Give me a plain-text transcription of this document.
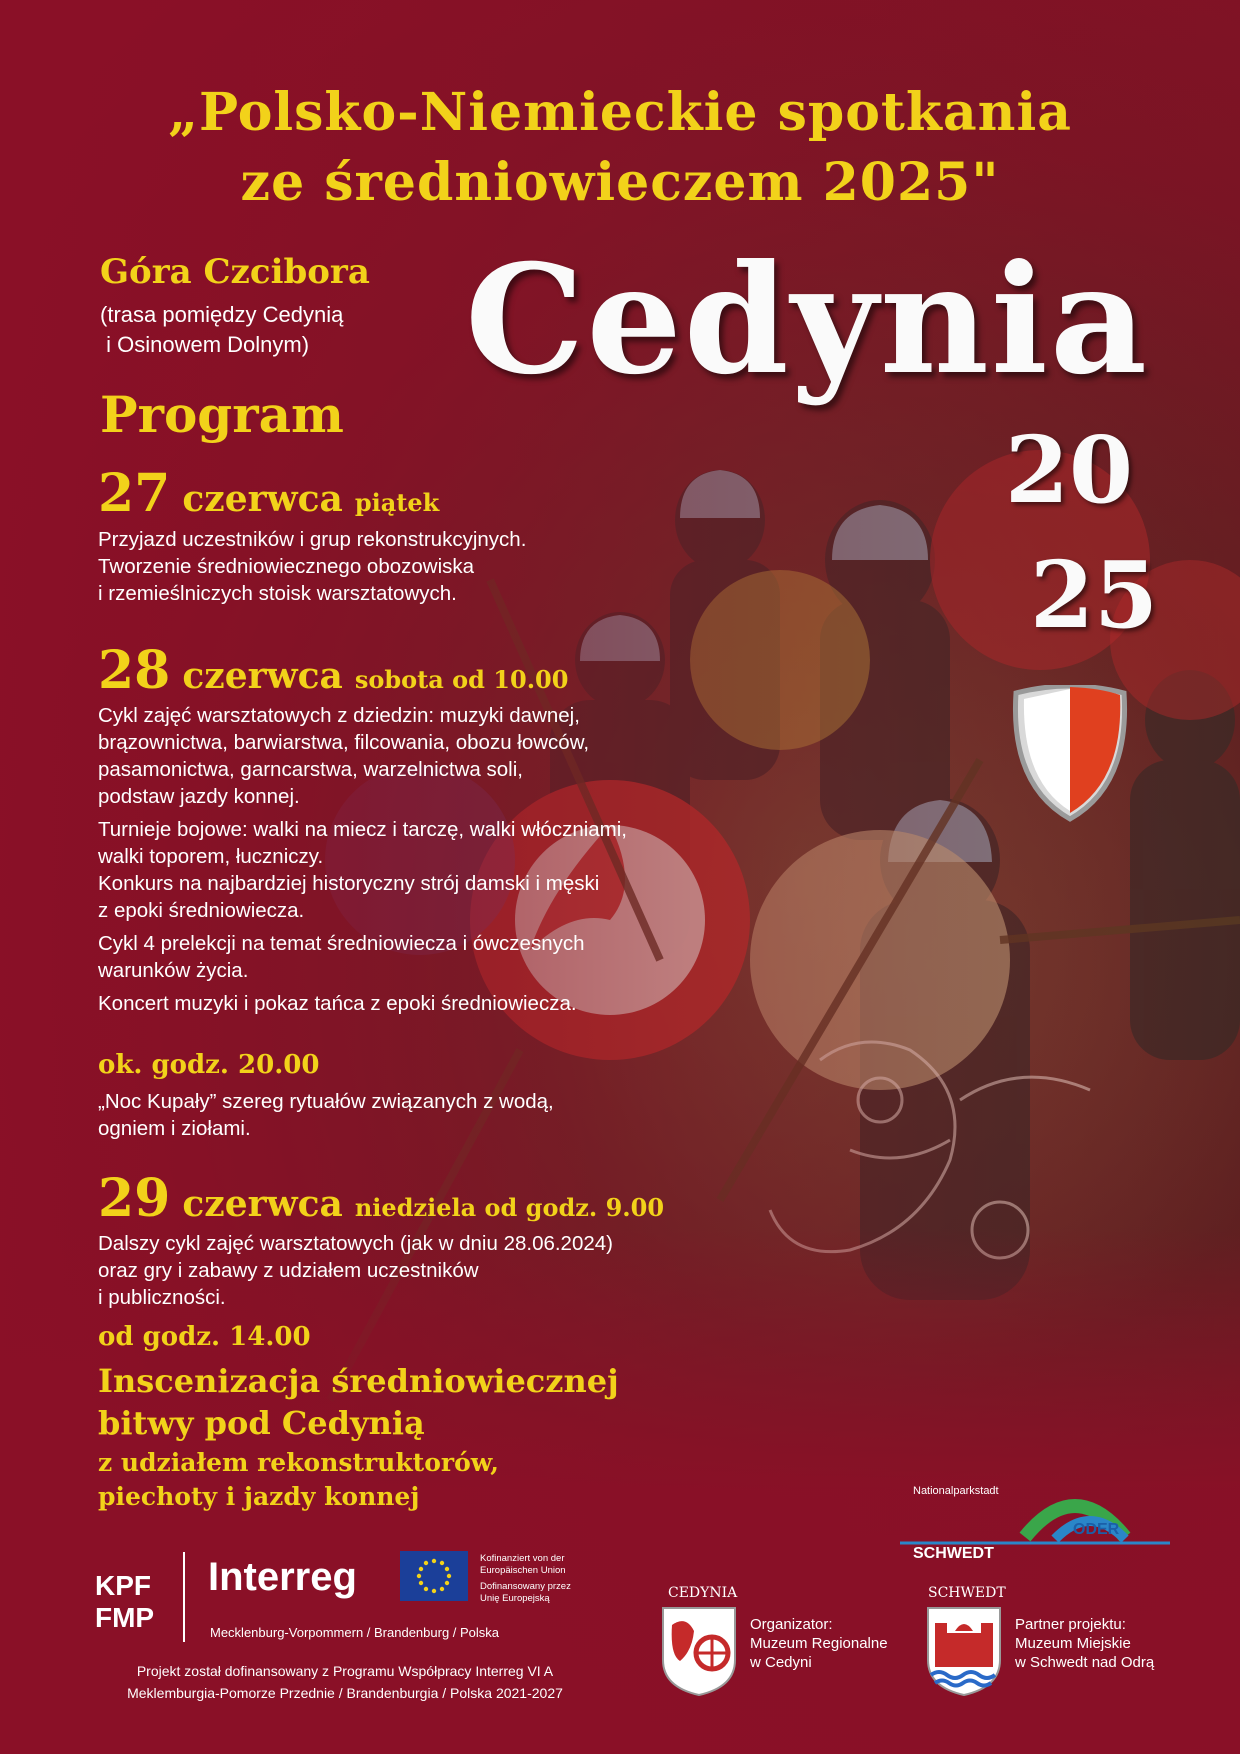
„Polsko-Niemieckie spotkania
ze średniowieczem 2025"
Cedynia
20
25
Góra Czcibora
(trasa pomiędzy Cedynią
i Osinowem Dolnym)
Program
27 czerwca piątek

Przyjazd uczestników i grup rekonstrukcyjnych.

Tworzenie średniowiecznego obozowiska

i rzemieślniczych stoisk warsztatowych.

28 czerwca sobota od 10.00

Cykl zajęć warsztatowych z dziedzin: muzyki dawnej,

brązownictwa, barwiarstwa, filcowania, obozu łowców,

pasamonictwa, garncarstwa, warzelnictwa soli,

podstaw jazdy konnej.

Turnieje bojowe: walki na miecz i tarczę, walki włóczniami,

walki toporem, łuczniczy.

Konkurs na najbardziej historyczny strój damski i męski

z epoki średniowiecza.

Cykl 4 prelekcji na temat średniowiecza i ówczesnych

warunków życia.

Koncert muzyki i pokaz tańca z epoki średniowiecza.

ok. godz. 20.00

„Noc Kupały” szereg rytuałów związanych z wodą,

ogniem i ziołami.

29 czerwca niedziela od godz. 9.00

Dalszy cykl zajęć warsztatowych (jak w dniu 28.06.2024)

oraz gry i zabawy z udziałem uczestników

i publiczności.

od godz. 14.00
Inscenizacja średniowiecznej
bitwy pod Cedynią
z udziałem rekonstruktorów,
piechoty i jazdy konnej	Nationalparkstadt
SCHWEDT
ODER
KPF
FMP
Interreg
Mecklenburg-Vorpommern / Brandenburg / Polska
Kofinanziert von der
Europäischen Union
Dofinansowany przez
Unię Europejską
Projekt został dofinansowany z Programu Współpracy Interreg VI A
Meklemburgia-Pomorze Przednie / Brandenburgia / Polska 2021-2027
CEDYNIA
Organizator:
Muzeum Regionalne
w Cedyni
SCHWEDT
Partner projektu:
Muzeum Miejskie
w Schwedt nad Odrą
